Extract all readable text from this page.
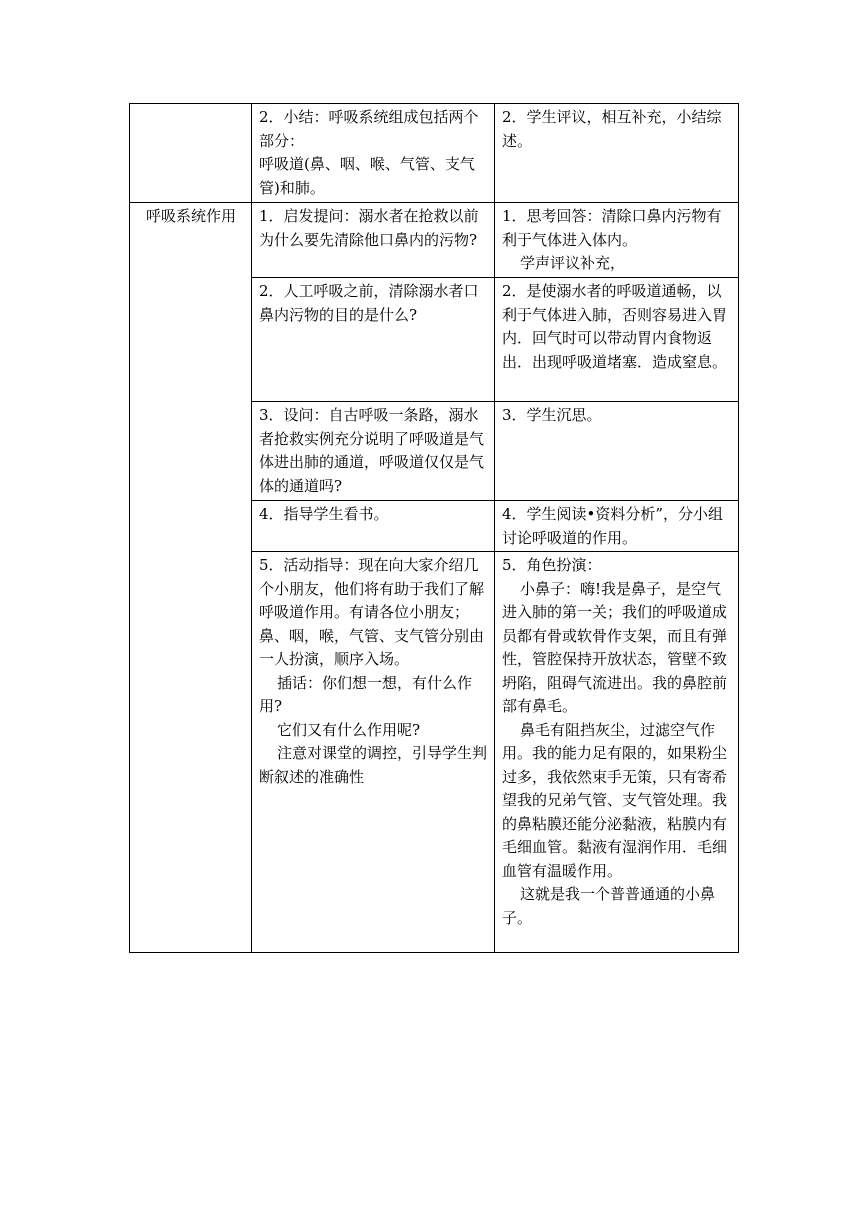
	2．小结：呼吸系统组成包括两个部分：
呼吸道(鼻、咽、喉、气管、支气管)和肺。	2．学生评议，相互补充，小结综述。

呼吸系统作用	1．启发提问：溺水者在抢救以前为什么要先清除他口鼻内的污物?	1．思考回答：清除口鼻内污物有利于气体进入体内。
学声评议补充，

	2．人工呼吸之前，清除溺水者口鼻内污物的目的是什么?	2．是使溺水者的呼吸道通畅，以利于气体进入肺，否则容易进入胃内．回气时可以带动胃内食物返出．出现呼吸道堵塞．造成窒息。

	3．设问：自古呼吸一条路，溺水者抢救实例充分说明了呼吸道是气体进出肺的通道，呼吸道仅仅是气体的通道吗?	3．学生沉思。

	4．指导学生看书。	4．学生阅读•资料分析”，分小组讨论呼吸道的作用。

	5．活动指导：现在向大家介绍几个小朋友，他们将有助于我们了解呼吸道作用。有请各位小朋友；　鼻、咽，喉，气管、支气管分别由一人扮演，顺序入场。
插话：你们想一想，有什么作用?
它们又有什么作用呢?
注意对课堂的调控，引导学生判断叙述的准确性	5．角色扮演：
小鼻子：嗨!我是鼻子，是空气进入肺的第一关；我们的呼吸道成员都有骨或软骨作支架，而且有弹性，管腔保持开放状态，管壁不致坍陷，阻碍气流进出。我的鼻腔前部有鼻毛。
鼻毛有阻挡灰尘，过滤空气作用。我的能力足有限的，如果粉尘过多，我依然束手无策，只有寄希望我的兄弟气管、支气管处理。我的鼻粘膜还能分泌黏液，粘膜内有毛细血管。黏液有湿润作用．毛细血管有温暖作用。
这就是我一个普普通通的小鼻子。
